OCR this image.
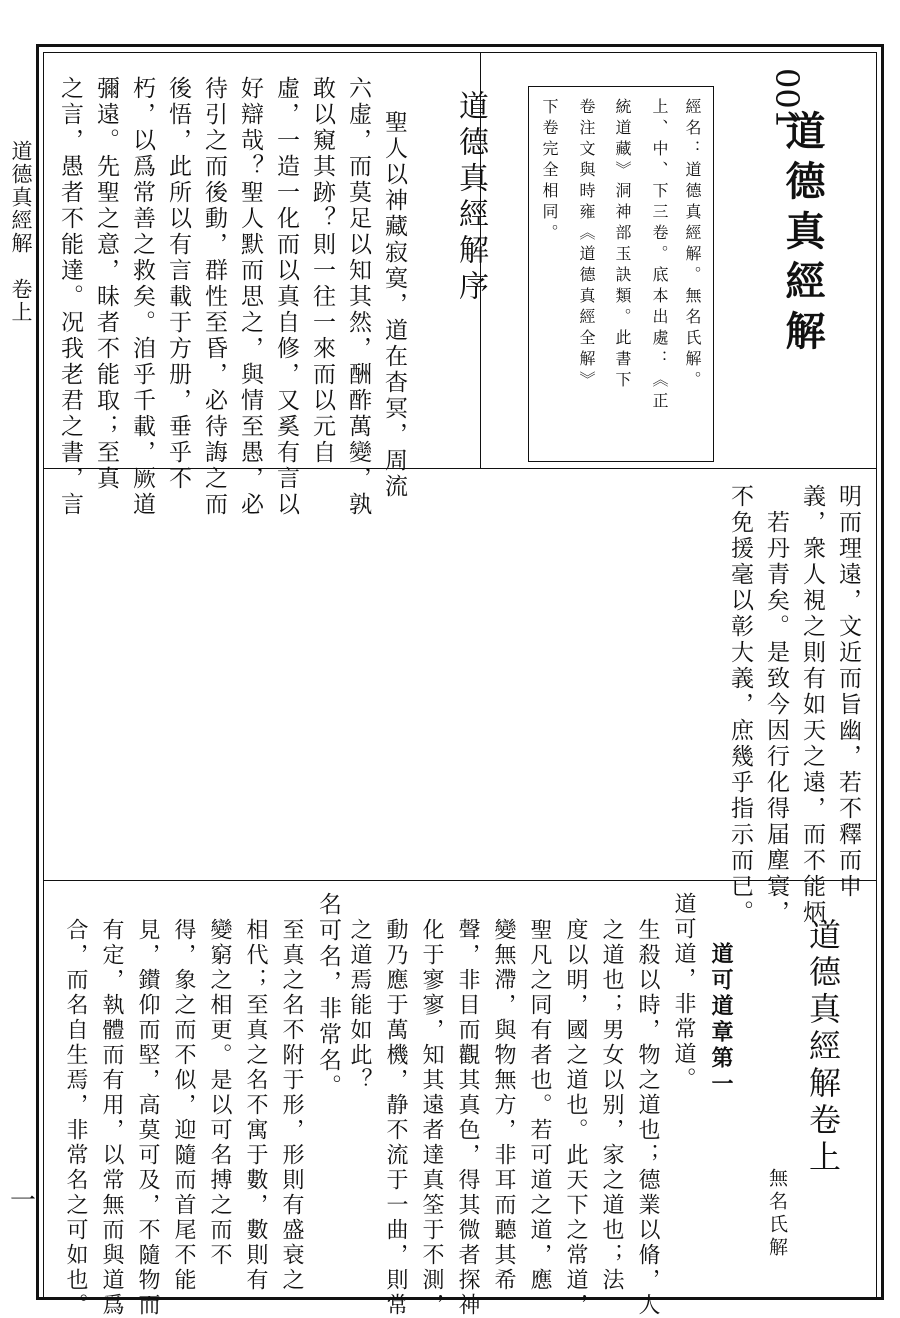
道德真經解　卷上
一
001
道德真經解
經名：道德真經解。無名氏解。
上、中、下三卷。底本出處：《正
統道藏》洞神部玉訣類。此書下
卷注文與時雍《道德真經全解》
下卷完全相同。
道德真經解序
聖人以神藏寂寞，道在杳冥，周流
六虚，而莫足以知其然，酬酢萬變，孰
敢以窺其跡？則一往一來而以元自
虛，一造一化而以真自修，又奚有言以
好辯哉？聖人默而思之，與情至愚，必
待引之而後動，群性至昏，必待誨之而
後悟，此所以有言載于方册，垂乎不
朽，以爲常善之救矣。洎乎千載，厥道
彌遠。先聖之意，昧者不能取；至真
之言，愚者不能達。况我老君之書，言
明而理遠，文近而旨幽，若不釋而申
義，衆人視之則有如天之遠，而不能炳
若丹青矣。是致今因行化得届塵寰，
不免援毫以彰大義，庶幾乎指示而已。
道德真經解卷上
無名氏解
道可道章第一
道可道，非常道。
生殺以時，物之道也；德業以脩，人
之道也；男女以别，家之道也；法
度以明，國之道也。此天下之常道，
聖凡之同有者也。若可道之道，應
變無滯，與物無方，非耳而聽其希
聲，非目而觀其真色，得其微者探神
化于寥寥，知其遠者達真筌于不測，
動乃應于萬機，静不流于一曲，則常
之道焉能如此？
名可名，非常名。
至真之名不附于形，形則有盛衰之
相代；至真之名不寓于數，數則有
變窮之相更。是以可名搏之而不
得，象之而不似，迎隨而首尾不能
見，鑚仰而堅，高莫可及，不隨物而
有定，執體而有用，以常無而與道爲
合，而名自生焉，非常名之可如也。
